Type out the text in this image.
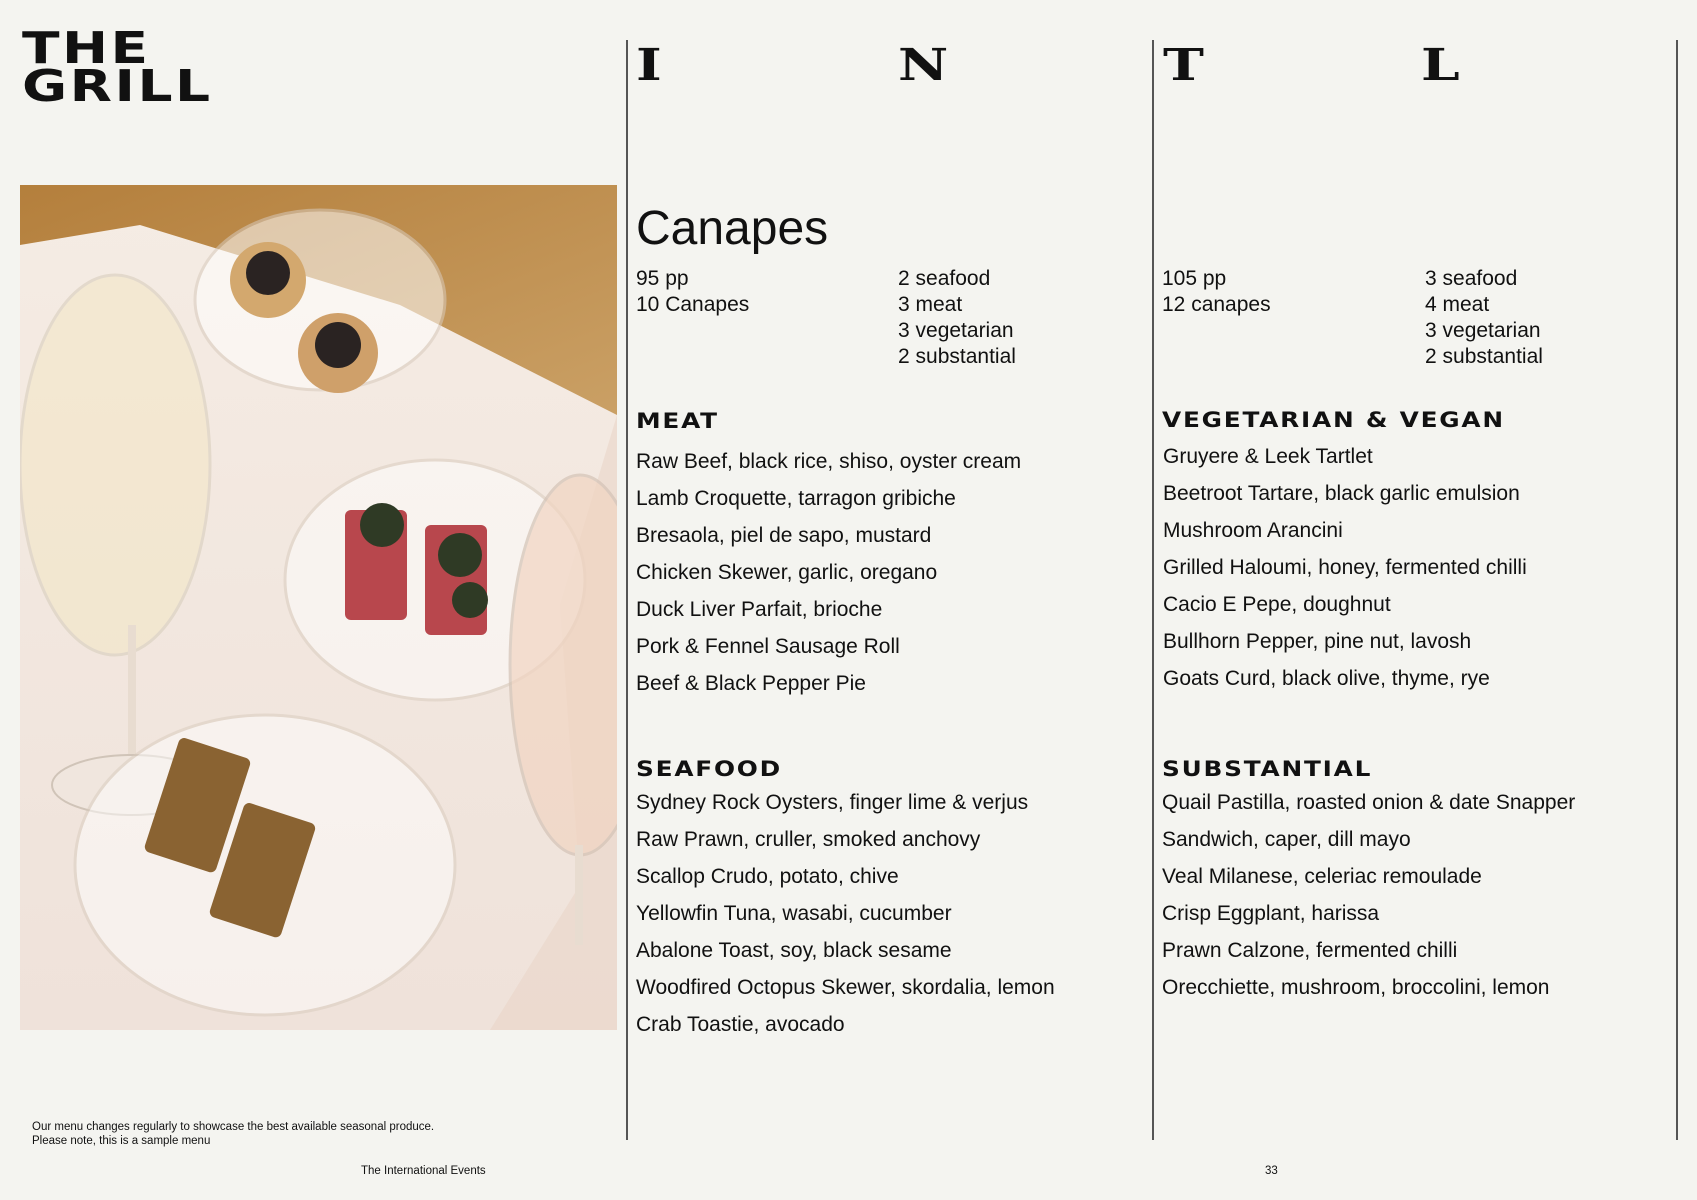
THE
GRILL	I	N	T	L
Canapes
95 pp
10 Canapes
2 seafood
3 meat
3 vegetarian
2 substantial
105 pp
12 canapes
3 seafood
4 meat
3 vegetarian
2 substantial
MEAT
Raw Beef, black rice, shiso, oyster cream
Lamb Croquette, tarragon gribiche
Bresaola, piel de sapo, mustard
Chicken Skewer, garlic, oregano
Duck Liver Parfait, brioche
Pork & Fennel Sausage Roll
Beef & Black Pepper Pie
VEGETARIAN & VEGAN
Gruyere & Leek Tartlet
Beetroot Tartare, black garlic emulsion
Mushroom Arancini
Grilled Haloumi, honey, fermented chilli
Cacio E Pepe, doughnut
Bullhorn Pepper, pine nut, lavosh
Goats Curd, black olive, thyme, rye
SEAFOOD
Sydney Rock Oysters, finger lime & verjus
Raw Prawn, cruller, smoked anchovy
Scallop Crudo, potato, chive
Yellowfin Tuna, wasabi, cucumber
Abalone Toast, soy, black sesame
Woodfired Octopus Skewer, skordalia, lemon
Crab Toastie, avocado
SUBSTANTIAL
Quail Pastilla, roasted onion & date Snapper
Sandwich, caper, dill mayo
Veal Milanese, celeriac remoulade
Crisp Eggplant, harissa
Prawn Calzone, fermented chilli
Orecchiette, mushroom, broccolini, lemon
Our menu changes regularly to showcase the best available seasonal produce.
Please note, this is a sample menu
The International Events	33
